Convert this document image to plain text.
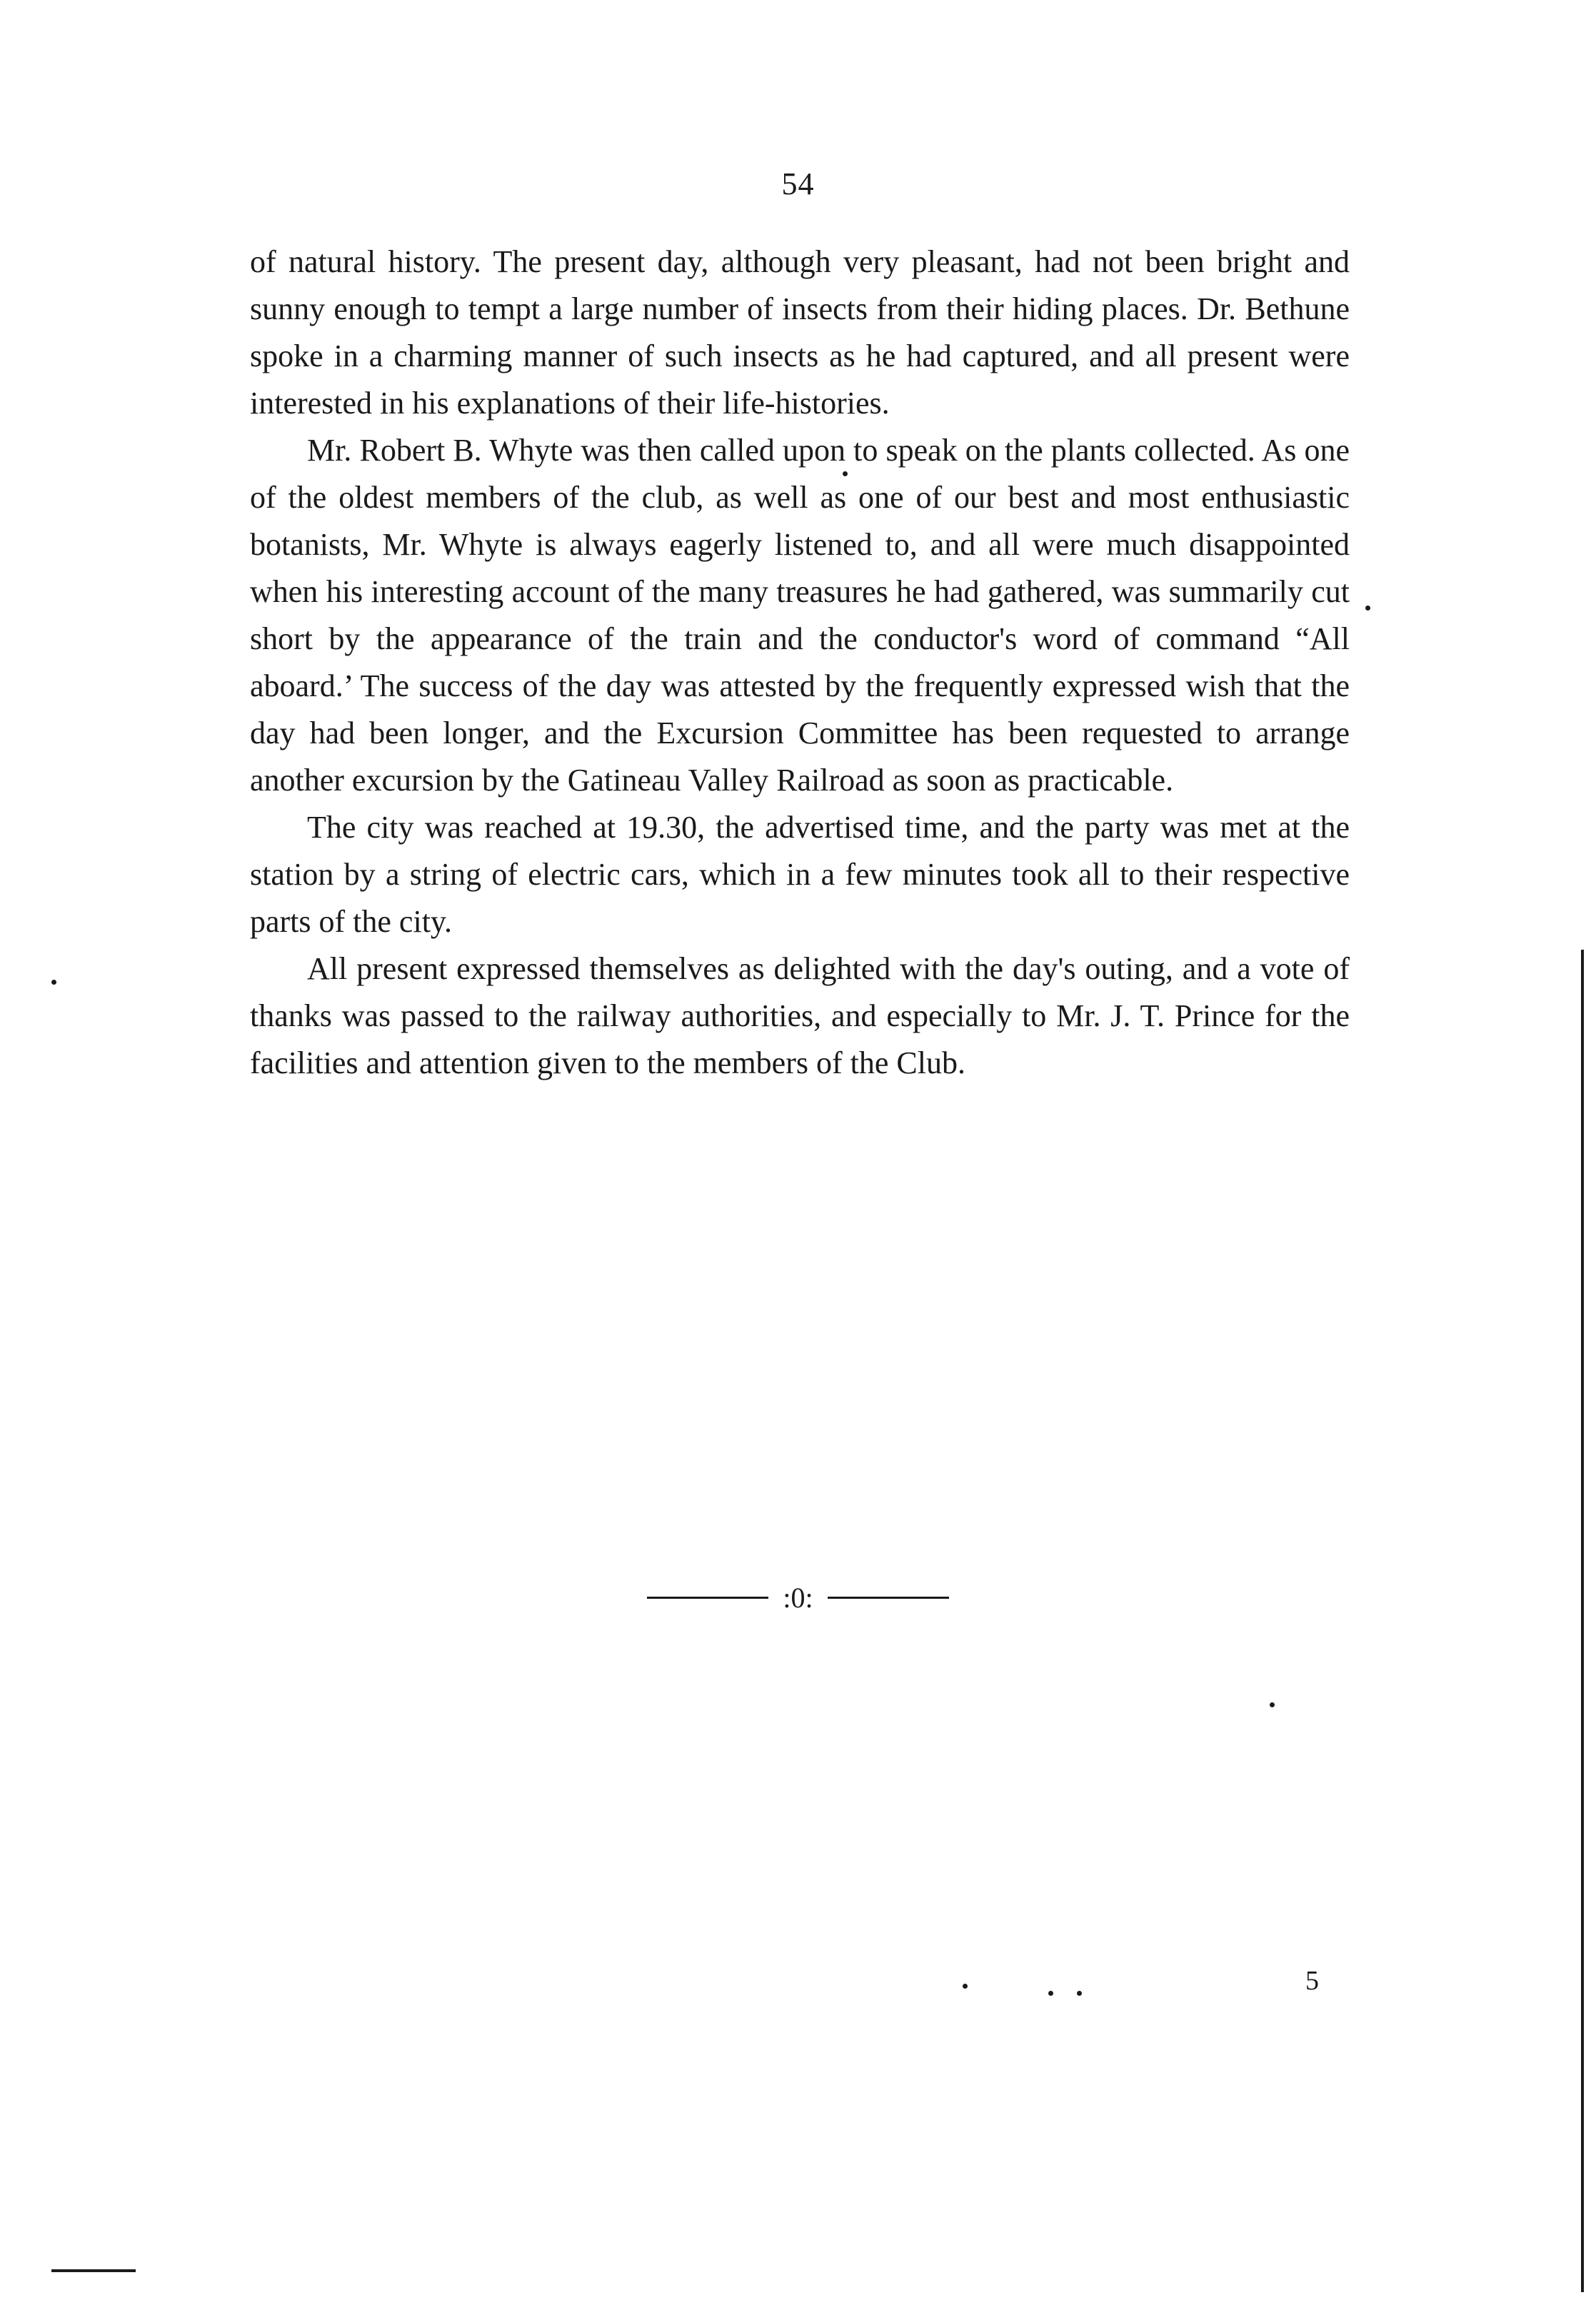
54

of natural history. The present day, although very pleasant, had not been bright and sunny enough to tempt a large number of insects from their hiding places. Dr. Bethune spoke in a charming manner of such insects as he had captured, and all present were interested in his explanations of their life-histories.

Mr. Robert B. Whyte was then called upon to speak on the plants collected. As one of the oldest members of the club, as well as one of our best and most enthusiastic botanists, Mr. Whyte is always eagerly listened to, and all were much disappointed when his interesting account of the many treasures he had gathered, was summarily cut short by the appearance of the train and the conductor's word of command “All aboard.’ The success of the day was attested by the frequently expressed wish that the day had been longer, and the Excursion Committee has been requested to arrange another excursion by the Gatineau Valley Railroad as soon as practicable.

The city was reached at 19.30, the advertised time, and the party was met at the station by a string of electric cars, which in a few minutes took all to their respective parts of the city.

All present expressed themselves as delighted with the day's outing, and a vote of thanks was passed to the railway authorities, and especially to Mr. J. T. Prince for the facilities and attention given to the members of the Club.

:0:
5
